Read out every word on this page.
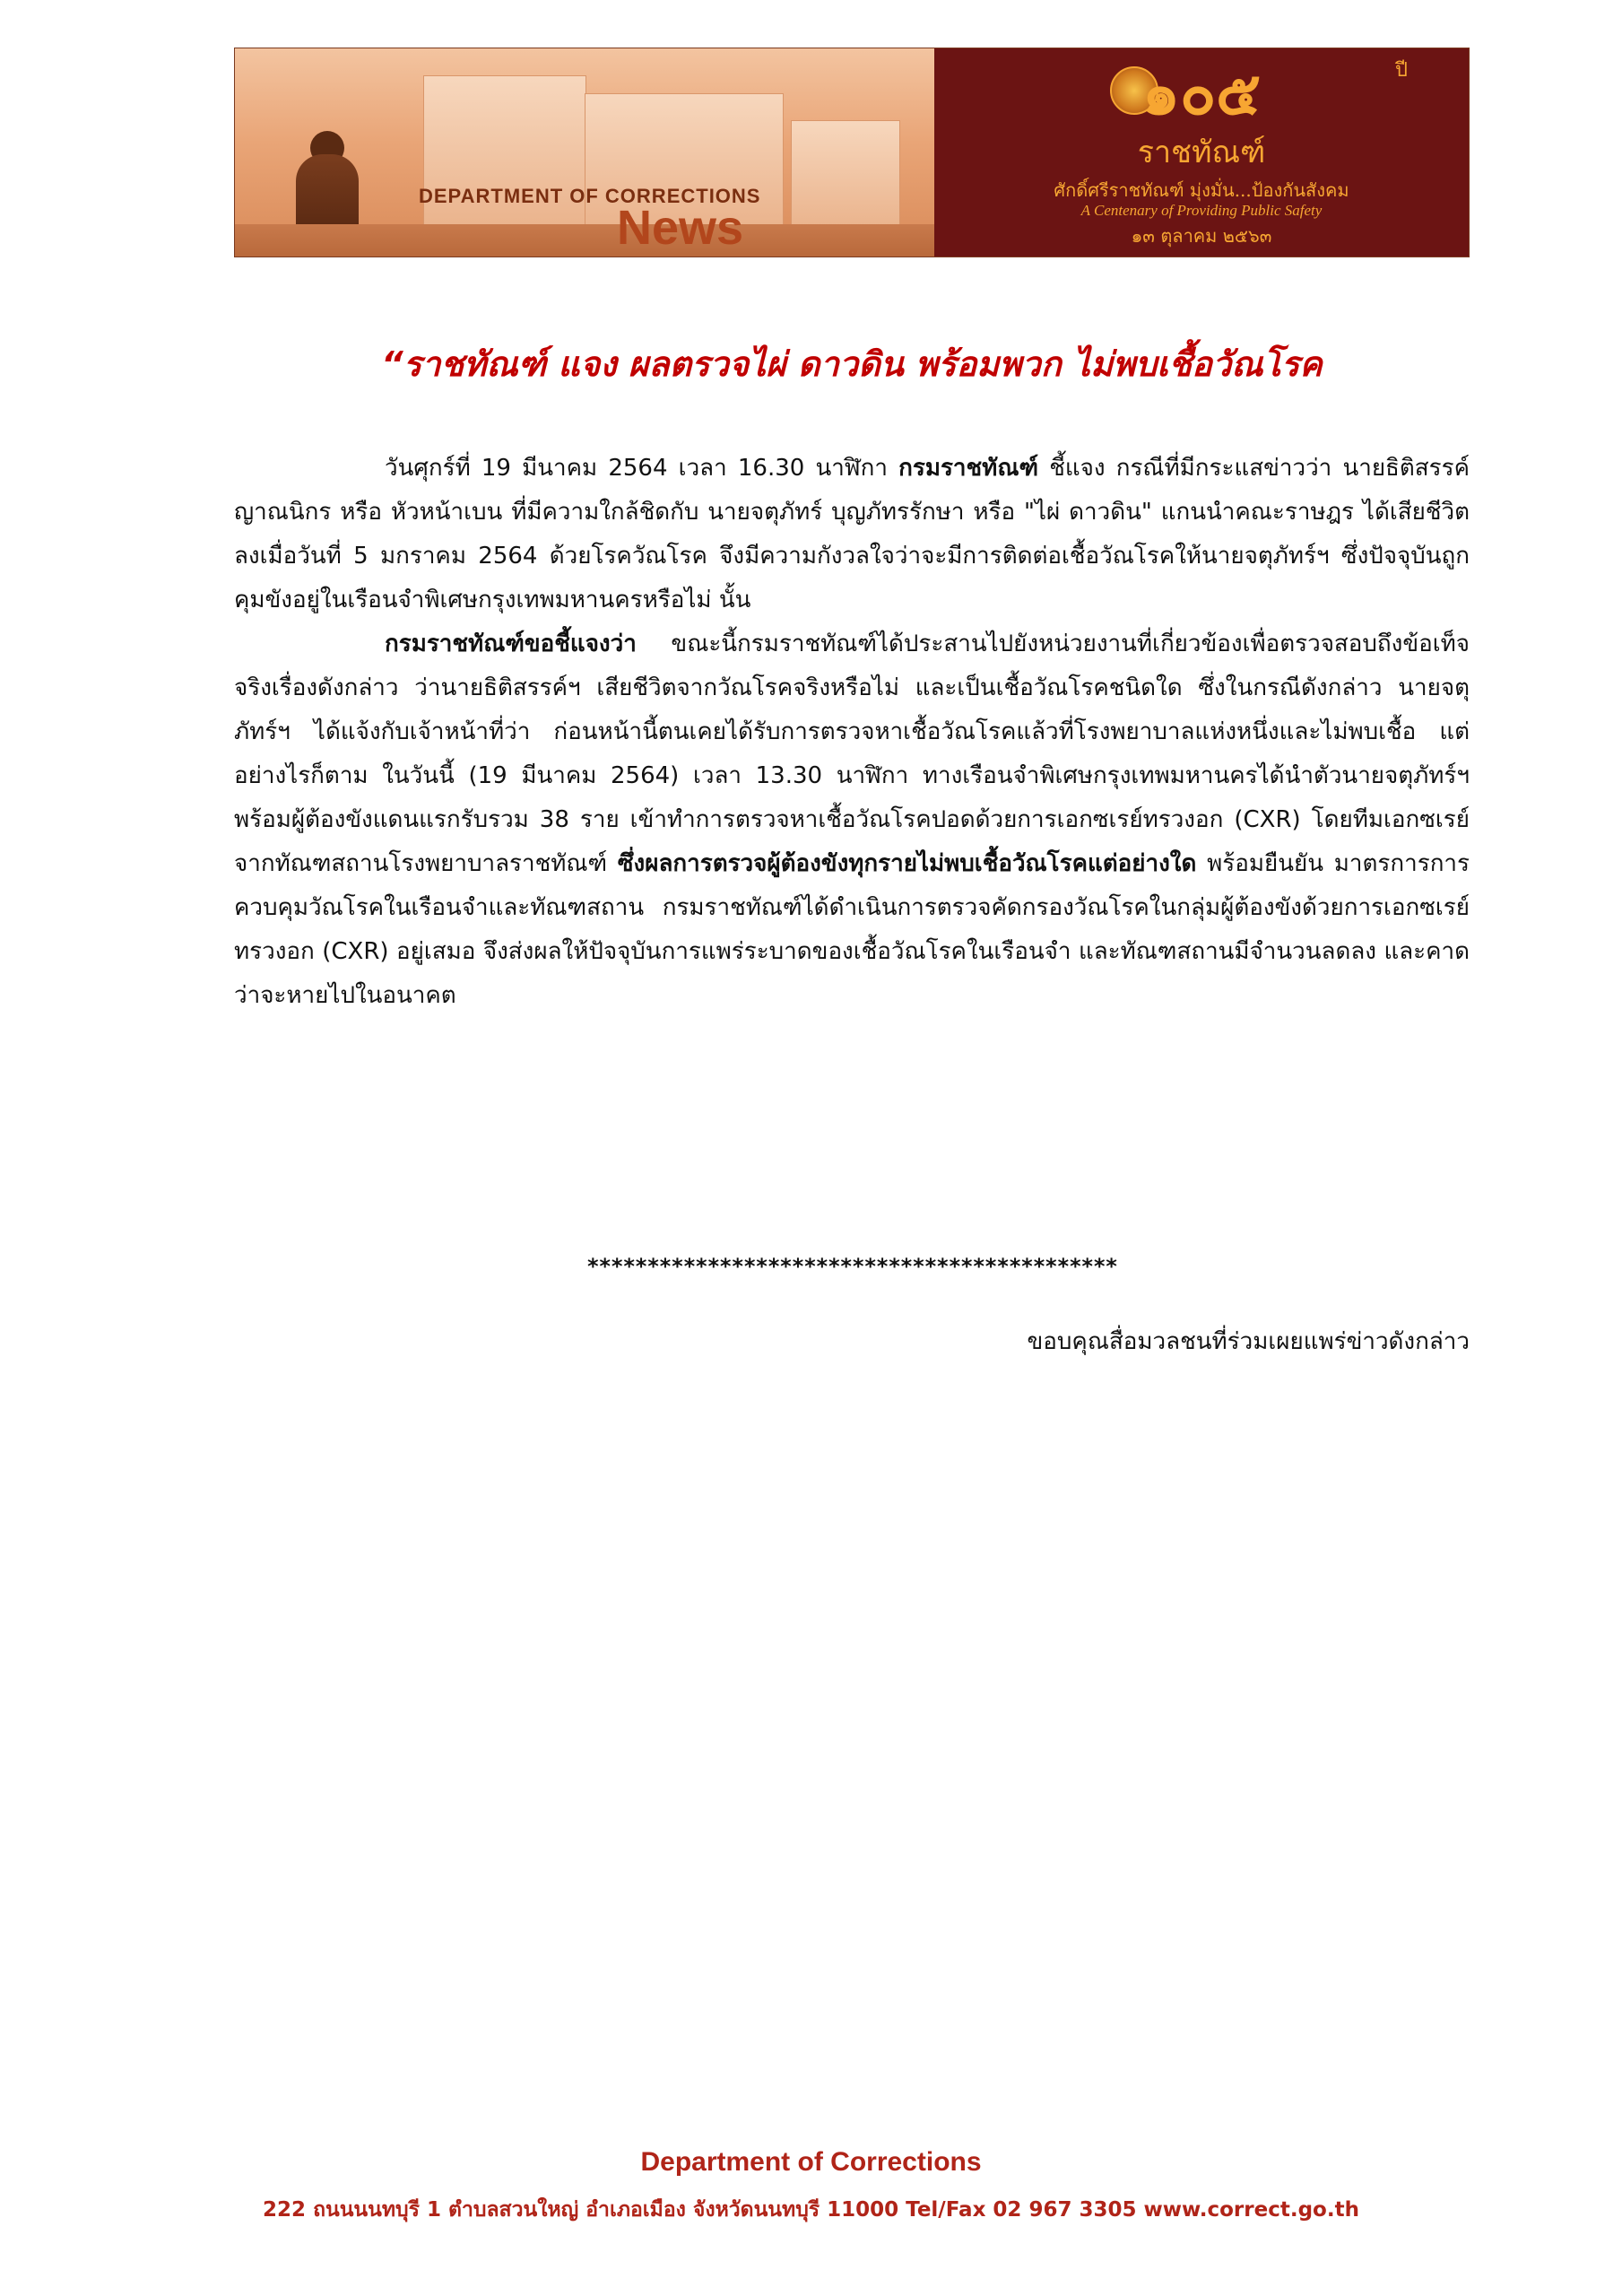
DEPARTMENT OF CORRECTIONS

News

๑๐๕	ปี

ราชทัณฑ์

ศักดิ์ศรีราชทัณฑ์ มุ่งมั่น...ป้องกันสังคม

A Centenary of Providing Public Safety

๑๓ ตุลาคม ๒๕๖๓

“ราชทัณฑ์ แจง ผลตรวจไผ่ ดาวดิน พร้อมพวก ไม่พบเชื้อวัณโรค

วันศุกร์ที่ 19 มีนาคม 2564 เวลา 16.30 นาฬิกา กรมราชทัณฑ์ ชี้แจง กรณีที่มีกระแสข่าวว่า นายธิติสรรค์ ญาณนิกร หรือ หัวหน้าเบน ที่มีความใกล้ชิดกับ นายจตุภัทร์ บุญภัทรรักษา หรือ "ไผ่ ดาวดิน" แกนนำคณะราษฎร ได้เสียชีวิตลงเมื่อวันที่ 5 มกราคม 2564 ด้วยโรควัณโรค จึงมีความกังวลใจว่าจะมีการติดต่อเชื้อวัณโรคให้นายจตุภัทร์ฯ ซึ่งปัจจุบันถูกคุมขังอยู่ในเรือนจำพิเศษกรุงเทพมหานครหรือไม่ นั้น

กรมราชทัณฑ์ขอชี้แจงว่า ขณะนี้กรมราชทัณฑ์ได้ประสานไปยังหน่วยงานที่เกี่ยวข้องเพื่อตรวจสอบถึงข้อเท็จจริงเรื่องดังกล่าว ว่านายธิติสรรค์ฯ เสียชีวิตจากวัณโรคจริงหรือไม่ และเป็นเชื้อวัณโรคชนิดใด ซึ่งในกรณีดังกล่าว นายจตุภัทร์ฯ ได้แจ้งกับเจ้าหน้าที่ว่า ก่อนหน้านี้ตนเคยได้รับการตรวจหาเชื้อวัณโรคแล้วที่โรงพยาบาลแห่งหนึ่งและไม่พบเชื้อ แต่อย่างไรก็ตาม ในวันนี้ (19 มีนาคม 2564) เวลา 13.30 นาฬิกา ทางเรือนจำพิเศษกรุงเทพมหานครได้นำตัวนายจตุภัทร์ฯ พร้อมผู้ต้องขังแดนแรกรับรวม 38 ราย เข้าทำการตรวจหาเชื้อวัณโรคปอดด้วยการเอกซเรย์ทรวงอก (CXR) โดยทีมเอกซเรย์จากทัณฑสถานโรงพยาบาลราชทัณฑ์ ซึ่งผลการตรวจผู้ต้องขังทุกรายไม่พบเชื้อวัณโรคแต่อย่างใด พร้อมยืนยัน มาตรการการควบคุมวัณโรคในเรือนจำและทัณฑสถาน กรมราชทัณฑ์ได้ดำเนินการตรวจคัดกรองวัณโรคในกลุ่มผู้ต้องขังด้วยการเอกซเรย์ทรวงอก (CXR) อยู่เสมอ จึงส่งผลให้ปัจจุบันการแพร่ระบาดของเชื้อวัณโรคในเรือนจำ และทัณฑสถานมีจำนวนลดลง และคาดว่าจะหายไปในอนาคต

********************************************

ขอบคุณสื่อมวลชนที่ร่วมเผยแพร่ข่าวดังกล่าว

Department of Corrections

222 ถนนนนทบุรี 1 ตำบลสวนใหญ่ อำเภอเมือง จังหวัดนนทบุรี 11000 Tel/Fax 02 967 3305 www.correct.go.th
